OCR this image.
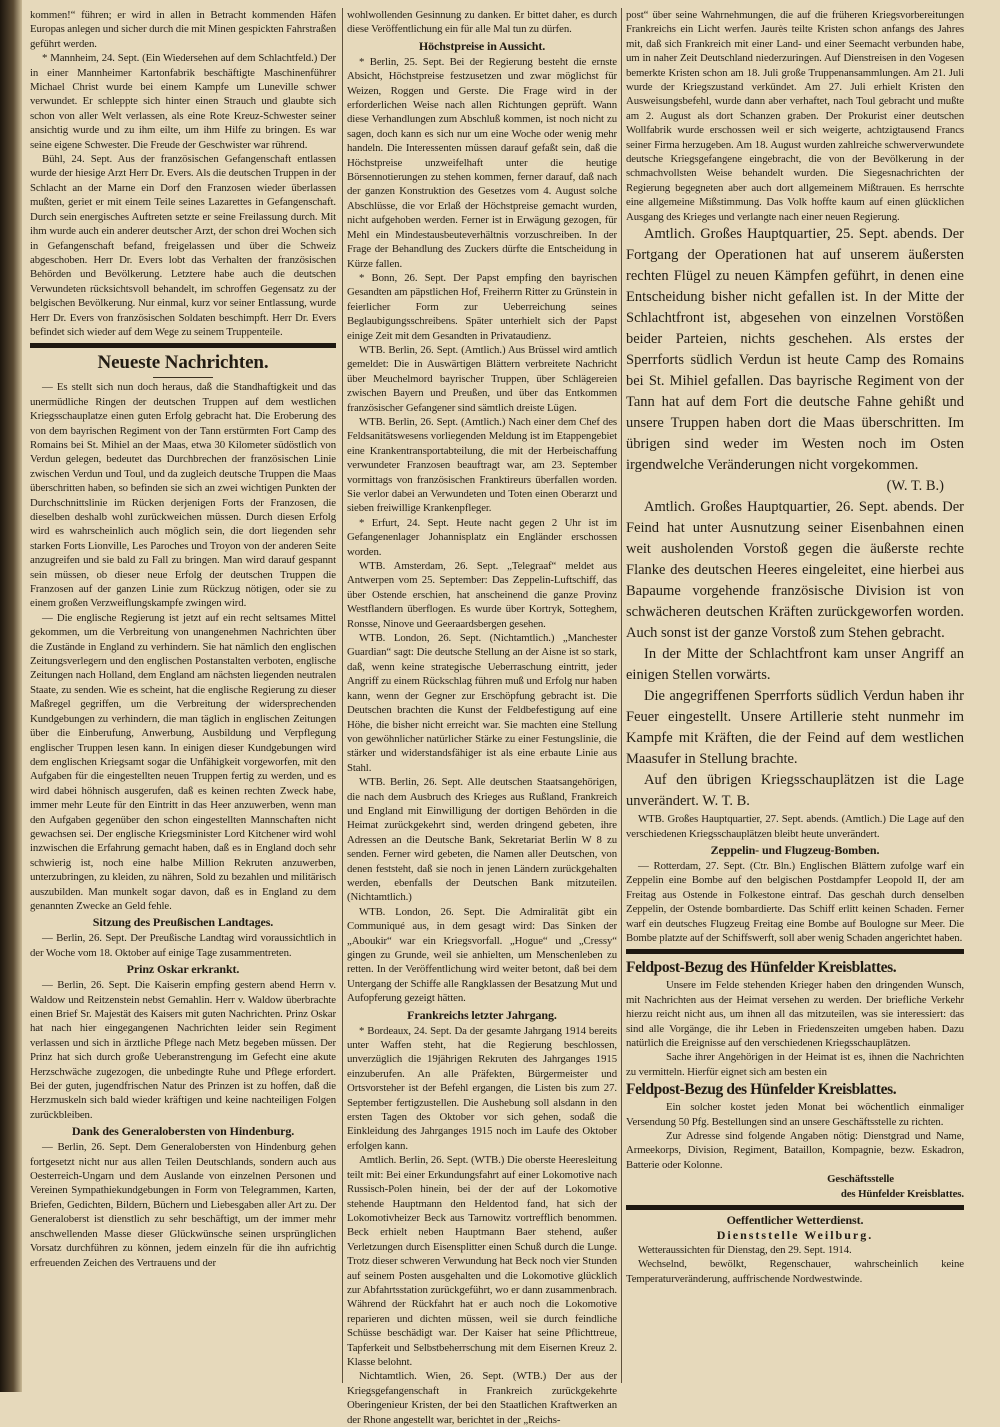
kommen!“ führen; er wird in allen in Betracht kommenden Häfen Europas anlegen und sicher durch die mit Minen gespickten Fahrstraßen geführt werden.

* Mannheim, 24. Sept. (Ein Wiedersehen auf dem Schlachtfeld.) Der in einer Mannheimer Kartonfabrik beschäftigte Maschinenführer Michael Christ wurde bei einem Kampfe um Luneville schwer verwundet. Er schleppte sich hinter einen Strauch und glaubte sich schon von aller Welt verlassen, als eine Rote Kreuz-Schwester seiner ansichtig wurde und zu ihm eilte, um ihm Hilfe zu bringen. Es war seine eigene Schwester. Die Freude der Geschwister war rührend.

Bühl, 24. Sept. Aus der französischen Gefangenschaft entlassen wurde der hiesige Arzt Herr Dr. Evers. Als die deutschen Truppen in der Schlacht an der Marne ein Dorf den Franzosen wieder überlassen mußten, geriet er mit einem Teile seines Lazarettes in Gefangenschaft. Durch sein energisches Auftreten setzte er seine Freilassung durch. Mit ihm wurde auch ein anderer deutscher Arzt, der schon drei Wochen sich in Gefangenschaft befand, freigelassen und über die Schweiz abgeschoben. Herr Dr. Evers lobt das Verhalten der französischen Behörden und Bevölkerung. Letztere habe auch die deutschen Verwundeten rücksichtsvoll behandelt, im schroffen Gegensatz zu der belgischen Bevölkerung. Nur einmal, kurz vor seiner Entlassung, wurde Herr Dr. Evers von französischen Soldaten beschimpft. Herr Dr. Evers befindet sich wieder auf dem Wege zu seinem Truppenteile.

Neueste Nachrichten.

— Es stellt sich nun doch heraus, daß die Standhaftigkeit und das unermüdliche Ringen der deutschen Truppen auf dem westlichen Kriegsschauplatze einen guten Erfolg gebracht hat. Die Eroberung des von dem bayrischen Regiment von der Tann erstürmten Fort Camp des Romains bei St. Mihiel an der Maas, etwa 30 Kilometer südöstlich von Verdun gelegen, bedeutet das Durchbrechen der französischen Linie zwischen Verdun und Toul, und da zugleich deutsche Truppen die Maas überschritten haben, so befinden sie sich an zwei wichtigen Punkten der Durchschnittslinie im Rücken derjenigen Forts der Franzosen, die dieselben deshalb wohl zurückweichen müssen. Durch diesen Erfolg wird es wahrscheinlich auch möglich sein, die dort liegenden sehr starken Forts Lionville, Les Paroches und Troyon von der anderen Seite anzugreifen und sie bald zu Fall zu bringen. Man wird darauf gespannt sein müssen, ob dieser neue Erfolg der deutschen Truppen die Franzosen auf der ganzen Linie zum Rückzug nötigen, oder sie zu einem großen Verzweiflungskampfe zwingen wird.

— Die englische Regierung ist jetzt auf ein recht seltsames Mittel gekommen, um die Verbreitung von unangenehmen Nachrichten über die Zustände in England zu verhindern. Sie hat nämlich den englischen Zeitungsverlegern und den englischen Postanstalten verboten, englische Zeitungen nach Holland, dem England am nächsten liegenden neutralen Staate, zu senden. Wie es scheint, hat die englische Regierung zu dieser Maßregel gegriffen, um die Verbreitung der widersprechenden Kundgebungen zu verhindern, die man täglich in englischen Zeitungen über die Einberufung, Anwerbung, Ausbildung und Verpflegung englischer Truppen lesen kann. In einigen dieser Kundgebungen wird dem englischen Kriegsamt sogar die Unfähigkeit vorgeworfen, mit den Aufgaben für die eingestellten neuen Truppen fertig zu werden, und es wird dabei höhnisch ausgerufen, daß es keinen rechten Zweck habe, immer mehr Leute für den Eintritt in das Heer anzuwerben, wenn man den Aufgaben gegenüber den schon eingestellten Mannschaften nicht gewachsen sei. Der englische Kriegsminister Lord Kitchener wird wohl inzwischen die Erfahrung gemacht haben, daß es in England doch sehr schwierig ist, noch eine halbe Million Rekruten anzuwerben, unterzubringen, zu kleiden, zu nähren, Sold zu bezahlen und militärisch auszubilden. Man munkelt sogar davon, daß es in England zu dem genannten Zwecke an Geld fehle.

Sitzung des Preußischen Landtages.

— Berlin, 26. Sept. Der Preußische Landtag wird voraussichtlich in der Woche vom 18. Oktober auf einige Tage zusammentreten.

Prinz Oskar erkrankt.

— Berlin, 26. Sept. Die Kaiserin empfing gestern abend Herrn v. Waldow und Reitzenstein nebst Gemahlin. Herr v. Waldow überbrachte einen Brief Sr. Majestät des Kaisers mit guten Nachrichten. Prinz Oskar hat nach hier eingegangenen Nachrichten leider sein Regiment verlassen und sich in ärztliche Pflege nach Metz begeben müssen. Der Prinz hat sich durch große Ueberanstrengung im Gefecht eine akute Herzschwäche zugezogen, die unbedingte Ruhe und Pflege erfordert. Bei der guten, jugendfrischen Natur des Prinzen ist zu hoffen, daß die Herzmuskeln sich bald wieder kräftigen und keine nachteiligen Folgen zurückbleiben.

Dank des Generalobersten von Hindenburg.

— Berlin, 26. Sept. Dem Generalobersten von Hindenburg gehen fortgesetzt nicht nur aus allen Teilen Deutschlands, sondern auch aus Oesterreich-Ungarn und dem Auslande von einzelnen Personen und Vereinen Sympathiekundgebungen in Form von Telegrammen, Karten, Briefen, Gedichten, Bildern, Büchern und Liebesgaben aller Art zu. Der Generaloberst ist dienstlich zu sehr beschäftigt, um der immer mehr anschwellenden Masse dieser Glückwünsche seinen ursprünglichen Vorsatz durchführen zu können, jedem einzeln für die ihn aufrichtig erfreuenden Zeichen des Vertrauens und der

wohlwollenden Gesinnung zu danken. Er bittet daher, es durch diese Veröffentlichung ein für alle Mal tun zu dürfen.

Höchstpreise in Aussicht.

* Berlin, 25. Sept. Bei der Regierung besteht die ernste Absicht, Höchstpreise festzusetzen und zwar möglichst für Weizen, Roggen und Gerste. Die Frage wird in der erforderlichen Weise nach allen Richtungen geprüft. Wann diese Verhandlungen zum Abschluß kommen, ist noch nicht zu sagen, doch kann es sich nur um eine Woche oder wenig mehr handeln. Die Interessenten müssen darauf gefaßt sein, daß die Höchstpreise unzweifelhaft unter die heutige Börsennotierungen zu stehen kommen, ferner darauf, daß nach der ganzen Konstruktion des Gesetzes vom 4. August solche Abschlüsse, die vor Erlaß der Höchstpreise gemacht wurden, nicht aufgehoben werden. Ferner ist in Erwägung gezogen, für Mehl ein Mindestausbeuteverhältnis vorzuschreiben. In der Frage der Behandlung des Zuckers dürfte die Entscheidung in Kürze fallen.

* Bonn, 26. Sept. Der Papst empfing den bayrischen Gesandten am päpstlichen Hof, Freiherrn Ritter zu Grünstein in feierlicher Form zur Ueberreichung seines Beglaubigungsschreibens. Später unterhielt sich der Papst einige Zeit mit dem Gesandten in Privataudienz.

WTB. Berlin, 26. Sept. (Amtlich.) Aus Brüssel wird amtlich gemeldet: Die in Auswärtigen Blättern verbreitete Nachricht über Meuchelmord bayrischer Truppen, über Schlägereien zwischen Bayern und Preußen, und über das Entkommen französischer Gefangener sind sämtlich dreiste Lügen.

WTB. Berlin, 26. Sept. (Amtlich.) Nach einer dem Chef des Feldsanitätswesens vorliegenden Meldung ist im Etappengebiet eine Krankentransportabteilung, die mit der Herbeischaffung verwundeter Franzosen beauftragt war, am 23. September vormittags von französischen Franktireurs überfallen worden. Sie verlor dabei an Verwundeten und Toten einen Oberarzt und sieben freiwillige Krankenpfleger.

* Erfurt, 24. Sept. Heute nacht gegen 2 Uhr ist im Gefangenenlager Johannisplatz ein Engländer erschossen worden.

WTB. Amsterdam, 26. Sept. „Telegraaf“ meldet aus Antwerpen vom 25. September: Das Zeppelin-Luftschiff, das über Ostende erschien, hat anscheinend die ganze Provinz Westflandern überflogen. Es wurde über Kortryk, Sotteghem, Ronsse, Ninove und Geeraardsbergen gesehen.

WTB. London, 26. Sept. (Nichtamtlich.) „Manchester Guardian“ sagt: Die deutsche Stellung an der Aisne ist so stark, daß, wenn keine strategische Ueberraschung eintritt, jeder Angriff zu einem Rückschlag führen muß und Erfolg nur haben kann, wenn der Gegner zur Erschöpfung gebracht ist. Die Deutschen brachten die Kunst der Feldbefestigung auf eine Höhe, die bisher nicht erreicht war. Sie machten eine Stellung von gewöhnlicher natürlicher Stärke zu einer Festungslinie, die stärker und widerstandsfähiger ist als eine erbaute Linie aus Stahl.

WTB. Berlin, 26. Sept. Alle deutschen Staatsangehörigen, die nach dem Ausbruch des Krieges aus Rußland, Frankreich und England mit Einwilligung der dortigen Behörden in die Heimat zurückgekehrt sind, werden dringend gebeten, ihre Adressen an die Deutsche Bank, Sekretariat Berlin W 8 zu senden. Ferner wird gebeten, die Namen aller Deutschen, von denen feststeht, daß sie noch in jenen Ländern zurückgehalten werden, ebenfalls der Deutschen Bank mitzuteilen. (Nichtamtlich.)

WTB. London, 26. Sept. Die Admiralität gibt ein Communiqué aus, in dem gesagt wird: Das Sinken der „Aboukir“ war ein Kriegsvorfall. „Hogue“ und „Cressy“ gingen zu Grunde, weil sie anhielten, um Menschenleben zu retten. In der Veröffentlichung wird weiter betont, daß bei dem Untergang der Schiffe alle Rangklassen der Besatzung Mut und Aufopferung gezeigt hätten.

Frankreichs letzter Jahrgang.

* Bordeaux, 24. Sept. Da der gesamte Jahrgang 1914 bereits unter Waffen steht, hat die Regierung beschlossen, unverzüglich die 19jährigen Rekruten des Jahrganges 1915 einzuberufen. An alle Präfekten, Bürgermeister und Ortsvorsteher ist der Befehl ergangen, die Listen bis zum 27. September fertigzustellen. Die Aushebung soll alsdann in den ersten Tagen des Oktober vor sich gehen, sodaß die Einkleidung des Jahrganges 1915 noch im Laufe des Oktober erfolgen kann.

Amtlich. Berlin, 26. Sept. (WTB.) Die oberste Heeresleitung teilt mit: Bei einer Erkundungsfahrt auf einer Lokomotive nach Russisch-Polen hinein, bei der der auf der Lokomotive stehende Hauptmann den Heldentod fand, hat sich der Lokomotivheizer Beck aus Tarnowitz vortrefflich benommen. Beck erhielt neben Hauptmann Baer stehend, außer Verletzungen durch Eisensplitter einen Schuß durch die Lunge. Trotz dieser schweren Verwundung hat Beck noch vier Stunden auf seinem Posten ausgehalten und die Lokomotive glücklich zur Abfahrtsstation zurückgeführt, wo er dann zusammenbrach. Während der Rückfahrt hat er auch noch die Lokomotive reparieren und dichten müssen, weil sie durch feindliche Schüsse beschädigt war. Der Kaiser hat seine Pflichttreue, Tapferkeit und Selbstbeherrschung mit dem Eisernen Kreuz 2. Klasse belohnt.

Nichtamtlich. Wien, 26. Sept. (WTB.) Der aus der Kriegsgefangenschaft in Frankreich zurückgekehrte Oberingenieur Kristen, der bei den Staatlichen Kraftwerken an der Rhone angestellt war, berichtet in der „Reichs-

post“ über seine Wahrnehmungen, die auf die früheren Kriegsvorbereitungen Frankreichs ein Licht werfen. Jaurès teilte Kristen schon anfangs des Jahres mit, daß sich Frankreich mit einer Land- und einer Seemacht verbunden habe, um in naher Zeit Deutschland niederzuringen. Auf Dienstreisen in den Vogesen bemerkte Kristen schon am 18. Juli große Truppenansammlungen. Am 21. Juli wurde der Kriegszustand verkündet. Am 27. Juli erhielt Kristen den Ausweisungsbefehl, wurde dann aber verhaftet, nach Toul gebracht und mußte am 2. August als dort Schanzen graben. Der Prokurist einer deutschen Wollfabrik wurde erschossen weil er sich weigerte, achtzigtausend Francs seiner Firma herzugeben. Am 18. August wurden zahlreiche schwerverwundete deutsche Kriegsgefangene eingebracht, die von der Bevölkerung in der schmachvollsten Weise behandelt wurden. Die Siegesnachrichten der Regierung begegneten aber auch dort allgemeinem Mißtrauen. Es herrschte eine allgemeine Mißstimmung. Das Volk hoffte kaum auf einen glücklichen Ausgang des Krieges und verlangte nach einer neuen Regierung.

Amtlich. Großes Hauptquartier, 25. Sept. abends. Der Fortgang der Operationen hat auf unserem äußersten rechten Flügel zu neuen Kämpfen geführt, in denen eine Entscheidung bisher nicht gefallen ist. In der Mitte der Schlachtfront ist, abgesehen von einzelnen Vorstößen beider Parteien, nichts geschehen. Als erstes der Sperrforts südlich Verdun ist heute Camp des Romains bei St. Mihiel gefallen. Das bayrische Regiment von der Tann hat auf dem Fort die deutsche Fahne gehißt und unsere Truppen haben dort die Maas überschritten. Im übrigen sind weder im Westen noch im Osten irgendwelche Veränderungen nicht vorgekommen.

(W. T. B.)

Amtlich. Großes Hauptquartier, 26. Sept. abends. Der Feind hat unter Ausnutzung seiner Eisenbahnen einen weit ausholenden Vorstoß gegen die äußerste rechte Flanke des deutschen Heeres eingeleitet, eine hierbei aus Bapaume vorgehende französische Division ist von schwächeren deutschen Kräften zurückgeworfen worden. Auch sonst ist der ganze Vorstoß zum Stehen gebracht.

In der Mitte der Schlachtfront kam unser Angriff an einigen Stellen vorwärts.

Die angegriffenen Sperrforts südlich Verdun haben ihr Feuer eingestellt. Unsere Artillerie steht nunmehr im Kampfe mit Kräften, die der Feind auf dem westlichen Maasufer in Stellung brachte.

Auf den übrigen Kriegsschauplätzen ist die Lage unverändert. W. T. B.

WTB. Großes Hauptquartier, 27. Sept. abends. (Amtlich.) Die Lage auf den verschiedenen Kriegsschauplätzen bleibt heute unverändert.

Zeppelin- und Flugzeug-Bomben.

— Rotterdam, 27. Sept. (Ctr. Bln.) Englischen Blättern zufolge warf ein Zeppelin eine Bombe auf den belgischen Postdampfer Leopold II, der am Freitag aus Ostende in Folkestone eintraf. Das geschah durch denselben Zeppelin, der Ostende bombardierte. Das Schiff erlitt keinen Schaden. Ferner warf ein deutsches Flugzeug Freitag eine Bombe auf Boulogne sur Meer. Die Bombe platzte auf der Schiffswerft, soll aber wenig Schaden angerichtet haben.

Feldpost-Bezug des Hünfelder Kreisblattes.

Unsere im Felde stehenden Krieger haben den dringenden Wunsch, mit Nachrichten aus der Heimat versehen zu werden. Der briefliche Verkehr hierzu reicht nicht aus, um ihnen all das mitzuteilen, was sie interessiert: das sind alle Vorgänge, die ihr Leben in Friedenszeiten umgeben haben. Dazu natürlich die Ereignisse auf den verschiedenen Kriegsschauplätzen.

Sache ihrer Angehörigen in der Heimat ist es, ihnen die Nachrichten zu vermitteln. Hierfür eignet sich am besten ein

Feldpost-Bezug des Hünfelder Kreisblattes.

Ein solcher kostet jeden Monat bei wöchentlich einmaliger Versendung 50 Pfg. Bestellungen sind an unsere Geschäftsstelle zu richten.

Zur Adresse sind folgende Angaben nötig: Dienstgrad und Name, Armeekorps, Division, Regiment, Bataillon, Kompagnie, bezw. Eskadron, Batterie oder Kolonne.

Geschäftsstelle

des Hünfelder Kreisblattes.

Oeffentlicher Wetterdienst.
Dienststelle Weilburg.

Wetteraussichten für Dienstag, den 29. Sept. 1914.

Wechselnd, bewölkt, Regenschauer, wahrscheinlich keine Temperaturveränderung, auffrischende Nordwestwinde.
